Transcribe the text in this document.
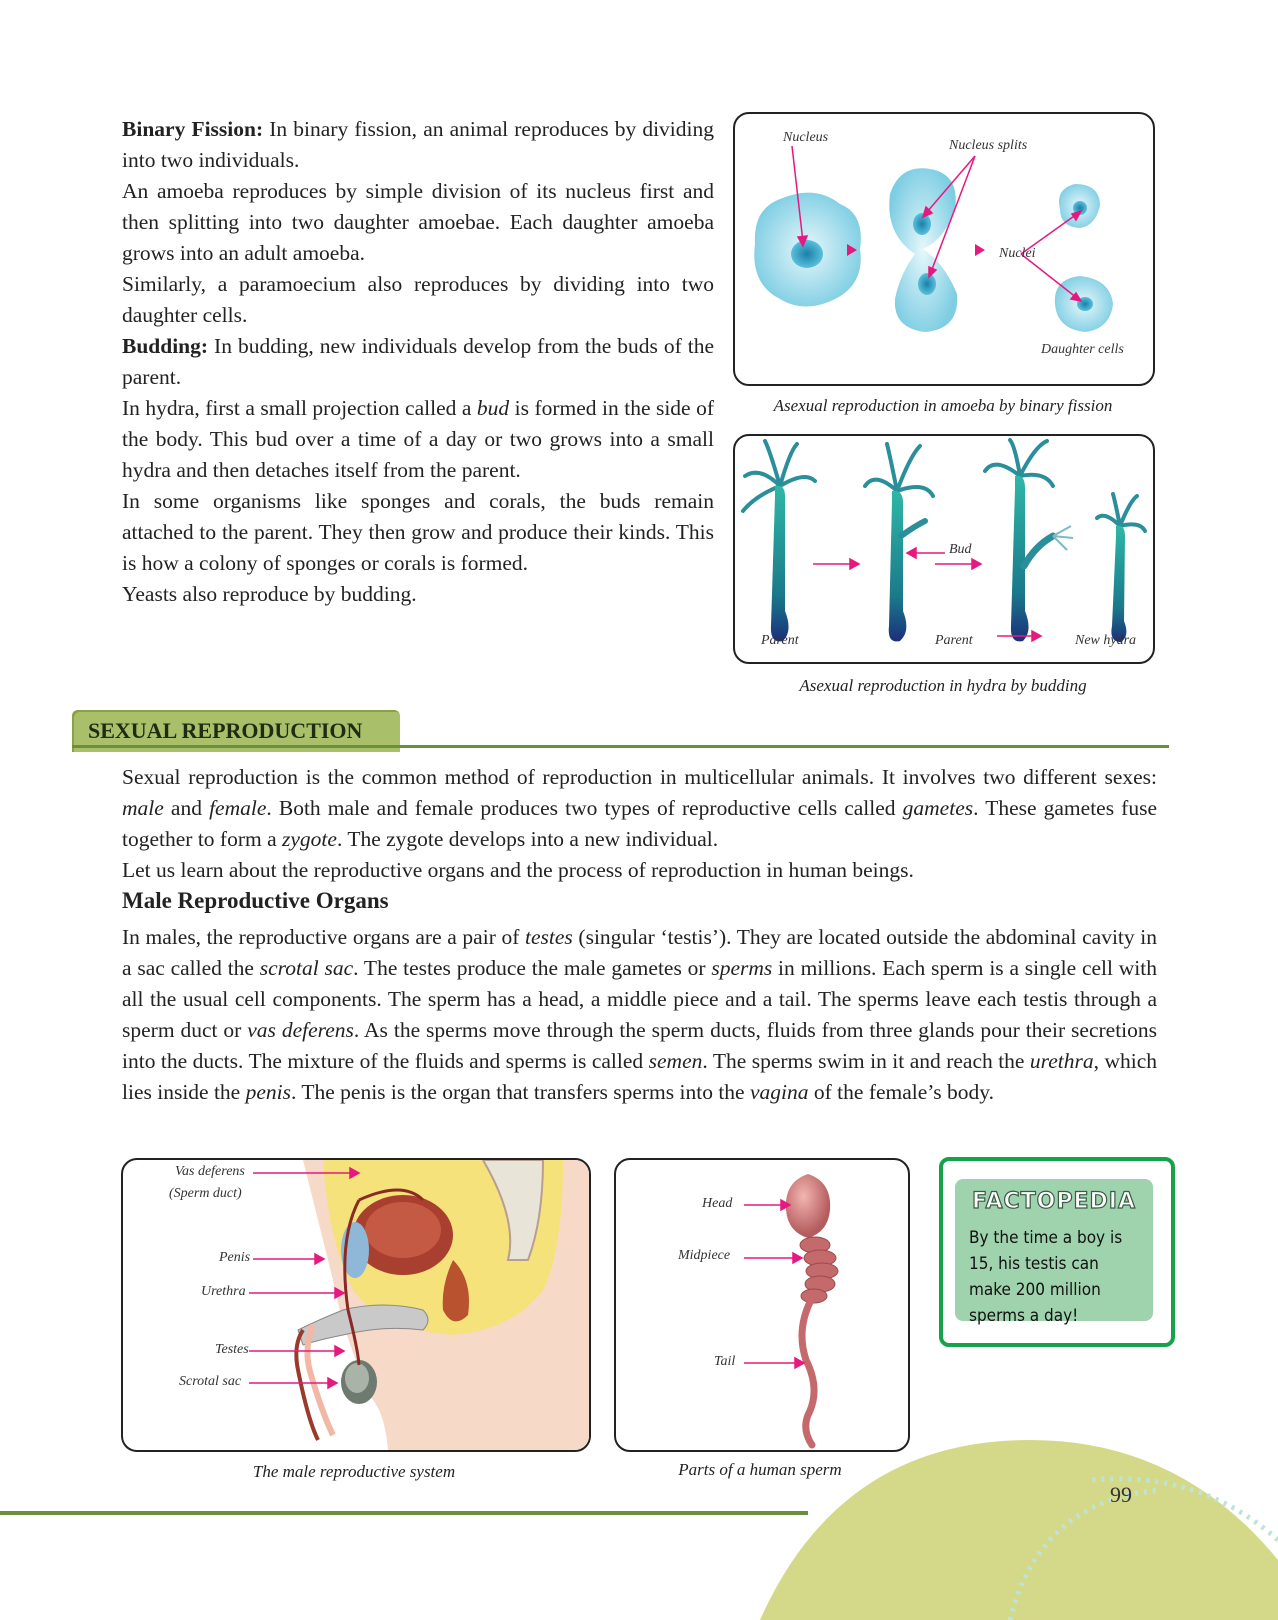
Binary Fission: In binary fission, an animal reproduces by dividing into two individuals.

An amoeba reproduces by simple division of its nucleus first and then splitting into two daughter amoebae. Each daughter amoeba grows into an adult amoeba.

Similarly, a paramoecium also reproduces by dividing into two daughter cells.

Budding: In budding, new individuals develop from the buds of the parent.

In hydra, first a small projection called a bud is formed in the side of the body. This bud over a time of a day or two grows into a small hydra and then detaches itself from the parent.

In some organisms like sponges and corals, the buds remain attached to the parent. They then grow and produce their kinds. This is how a colony of sponges or corals is formed.

Yeasts also reproduce by budding.

Nucleus
Nucleus splits
Nuclei
Daughter cells
Asexual reproduction in amoeba by binary fission
Bud
Parent	Parent	New hydra
Asexual reproduction in hydra by budding
SEXUAL REPRODUCTION

Sexual reproduction is the common method of reproduction in multicellular animals. It involves two different sexes: male and female. Both male and female produces two types of reproductive cells called gametes. These gametes fuse together to form a zygote. The zygote develops into a new individual.

Let us learn about the reproductive organs and the process of reproduction in human beings.

Male Reproductive Organs

In males, the reproductive organs are a pair of testes (singular ‘testis’). They are located outside the abdominal cavity in a sac called the scrotal sac. The testes produce the male gametes or sperms in millions. Each sperm is a single cell with all the usual cell components. The sperm has a head, a middle piece and a tail. The sperms leave each testis through a sperm duct or vas deferens. As the sperms move through the sperm ducts, fluids from three glands pour their secretions into the ducts. The mixture of the fluids and sperms is called semen. The sperms swim in it and reach the urethra, which lies inside the penis. The penis is the organ that transfers sperms into the vagina of the female’s body.

Vas deferens
(Sperm duct)
Penis
Urethra
Testes
Scrotal sac
The male reproductive system
Head
Midpiece
Tail
Parts of a human sperm
FACTOPEDIA
By the time a boy is 15, his testis can make 200 million sperms a day!
99
